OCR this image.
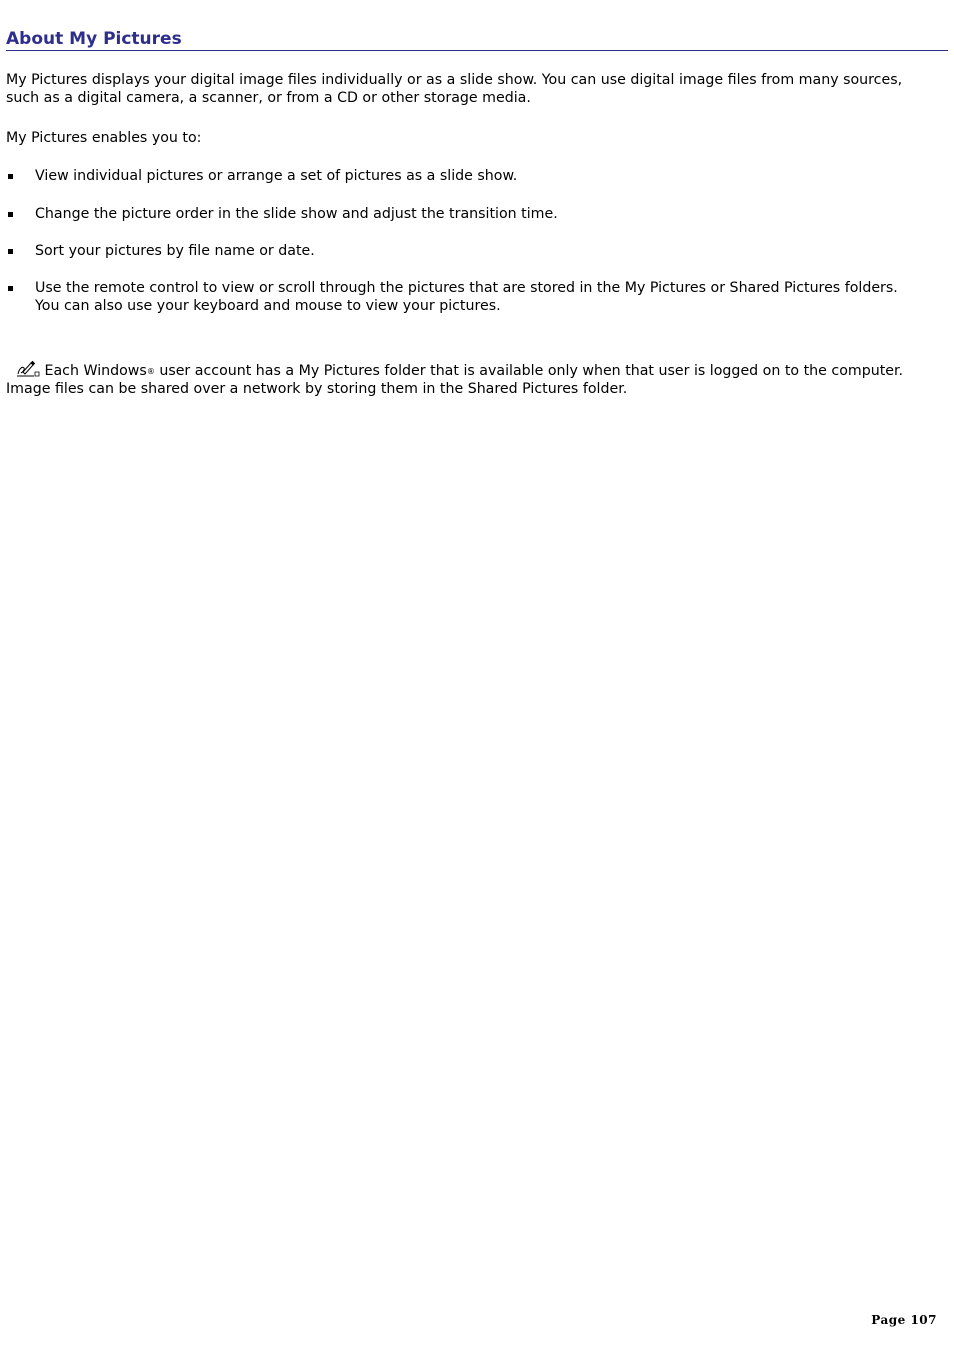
About My Pictures

My Pictures displays your digital image files individually or as a slide show. You can use digital image files from many sources, such as a digital camera, a scanner, or from a CD or other storage media.

My Pictures enables you to:

View individual pictures or arrange a set of pictures as a slide show.
Change the picture order in the slide show and adjust the transition time.
Sort your pictures by file name or date.
Use the remote control to view or scroll through the pictures that are stored in the My Pictures or Shared Pictures folders. You can also use your keyboard and mouse to view your pictures.

Each Windows® user account has a My Pictures folder that is available only when that user is logged on to the computer. Image files can be shared over a network by storing them in the Shared Pictures folder.

Page 107
